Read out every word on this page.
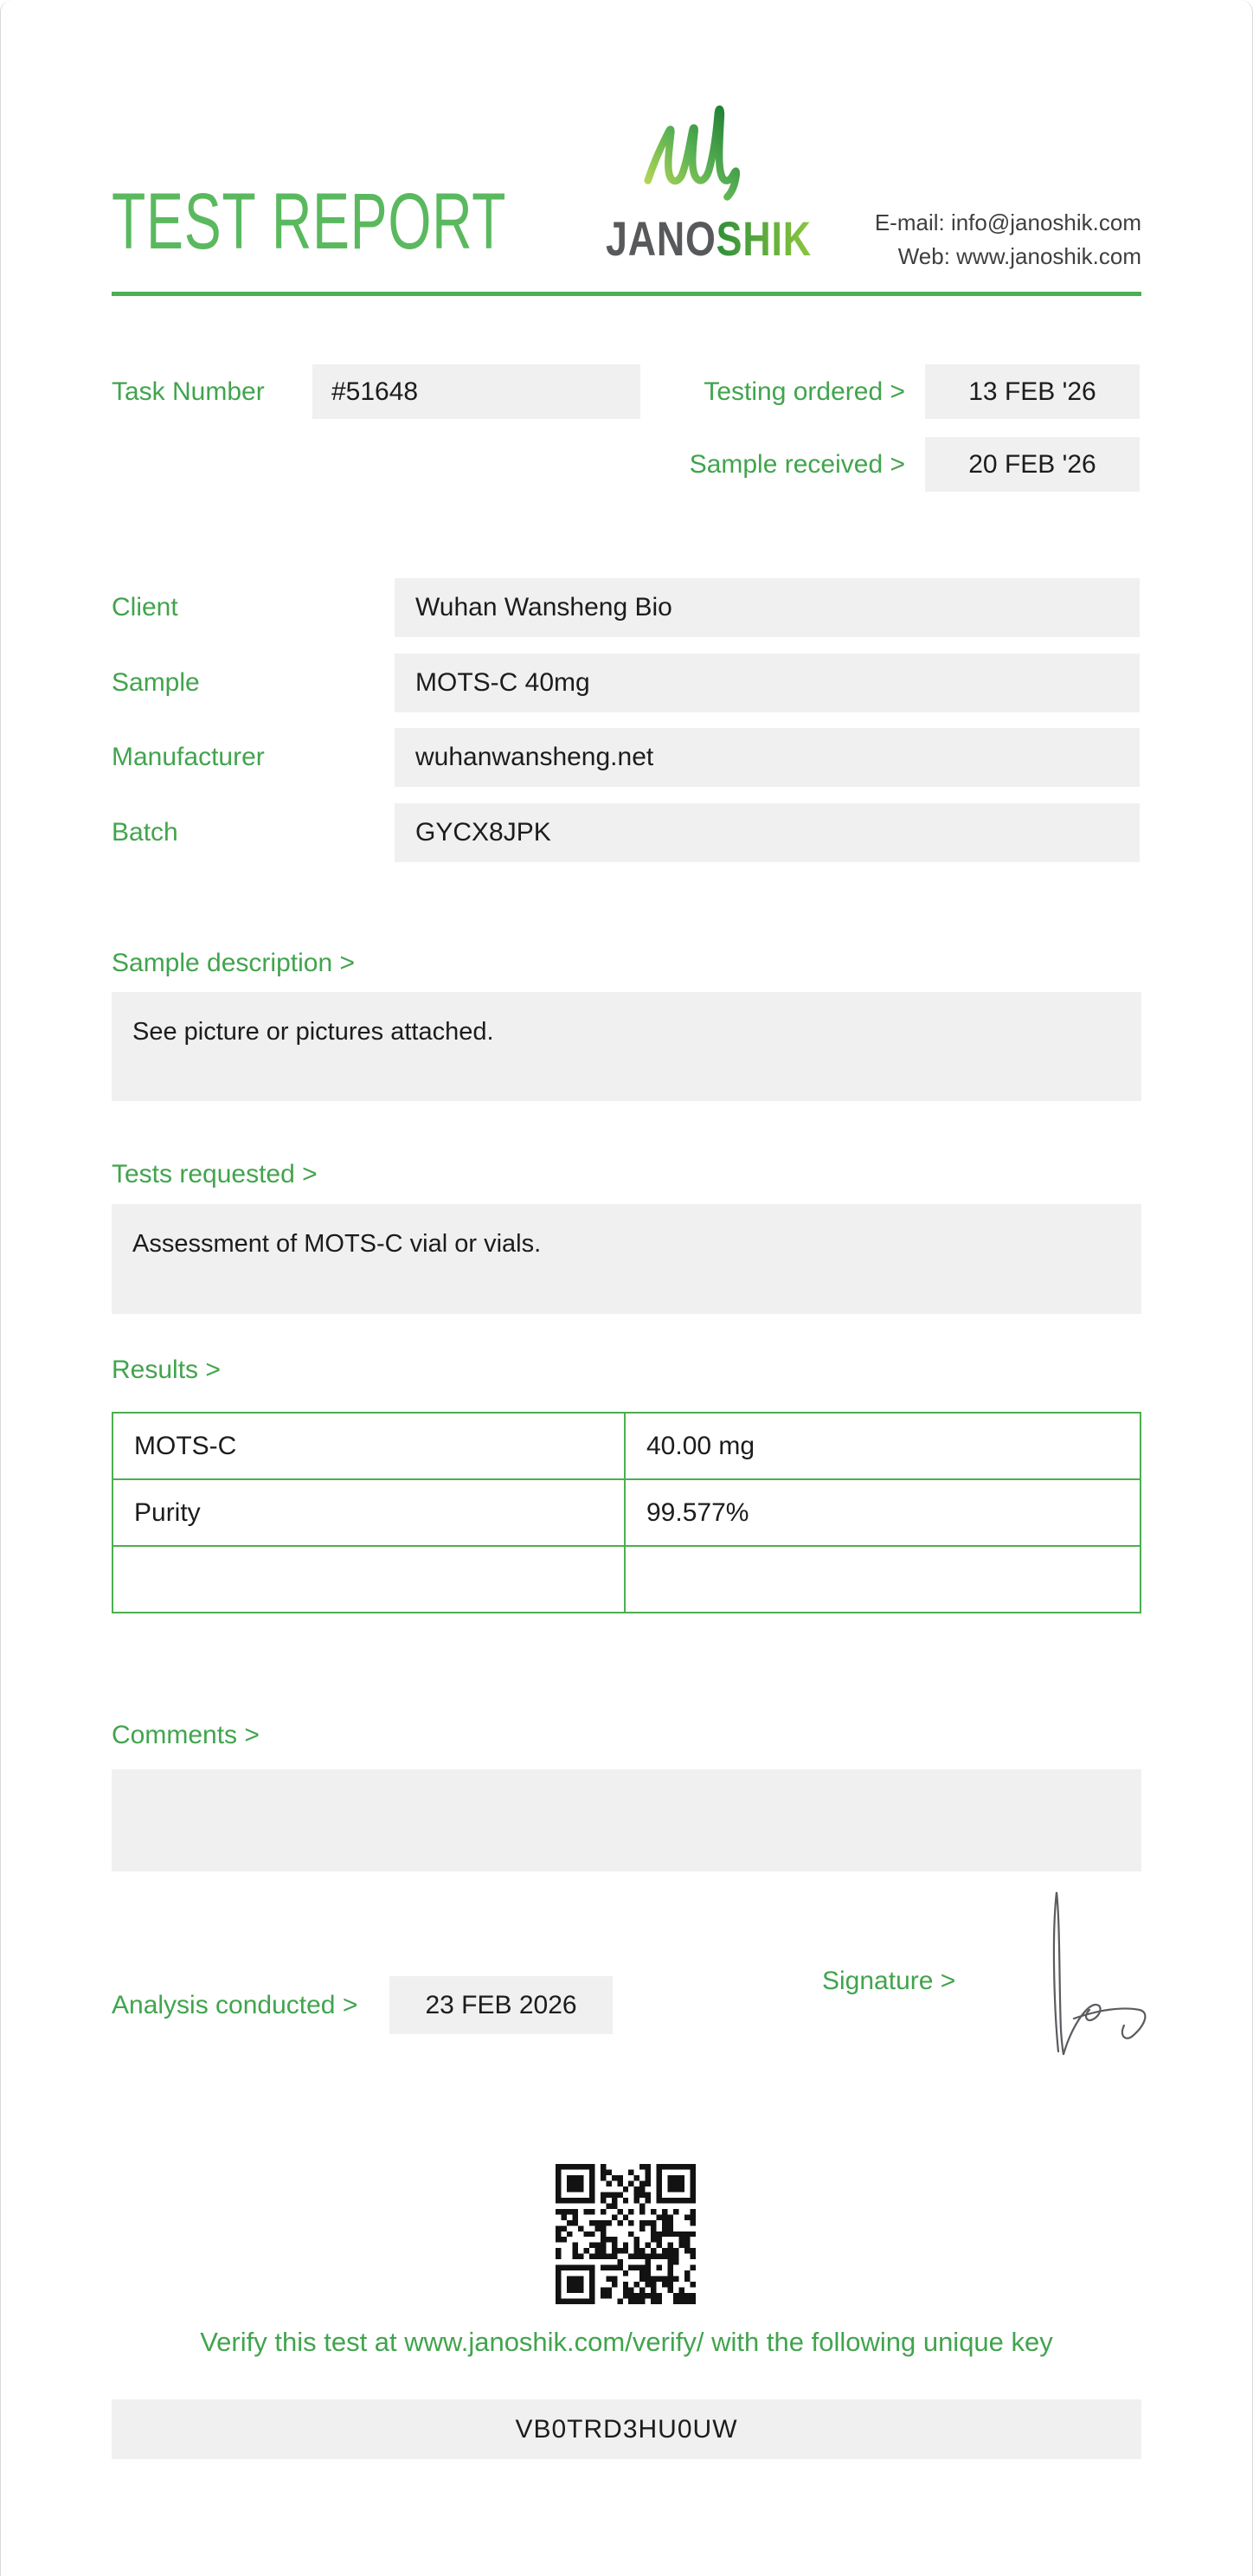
TEST REPORT JANOSHIK	E-mail: info@janoshik.com
Web: www.janoshik.com
Task Number	#51648	Testing ordered >	13 FEB '26
Sample received >	20 FEB '26
Client	Wuhan Wansheng Bio
Sample	MOTS-C 40mg
Manufacturer	wuhanwansheng.net
Batch	GYCX8JPK
Sample description >
See picture or pictures attached.
Tests requested >
Assessment of MOTS-C vial or vials.
Results >
MOTS-C	40.00 mg
Purity	99.577%
Comments >
Signature >
Analysis conducted >	23 FEB 2026
Verify this test at www.janoshik.com/verify/ with the following unique key
VB0TRD3HU0UW
